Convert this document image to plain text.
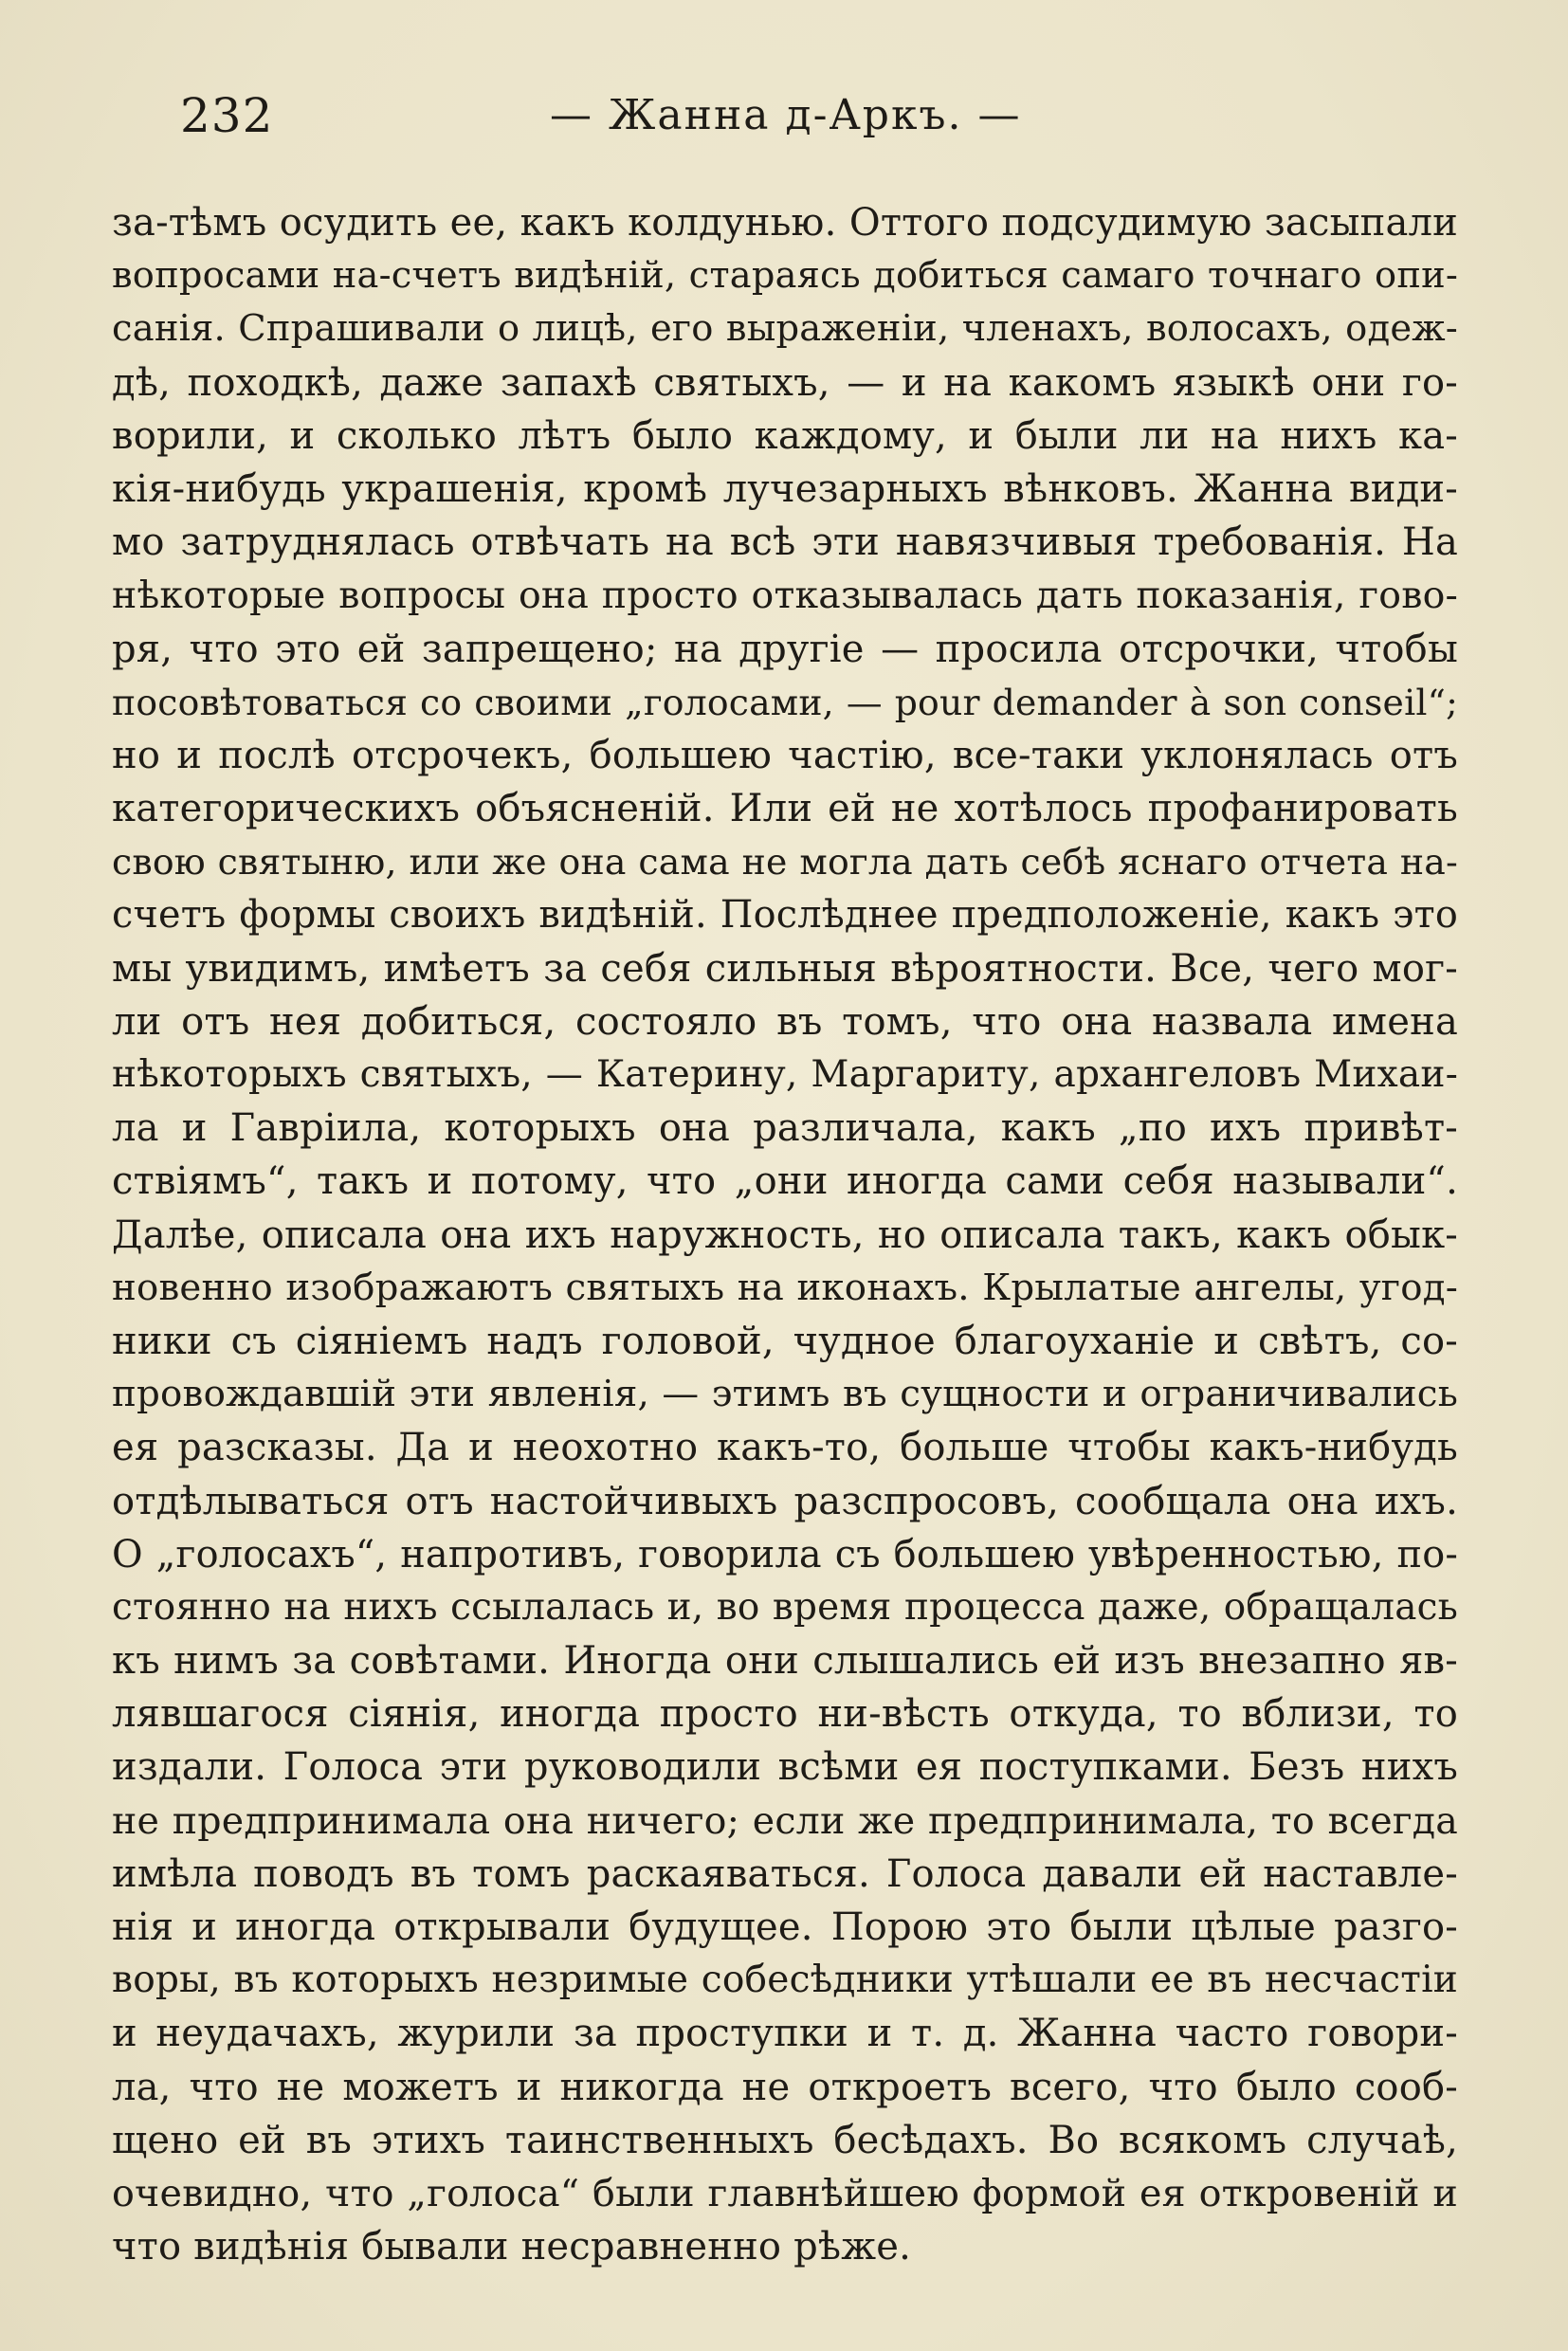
232	— Жанна д-Аркъ. —
за-тѣмъ осудить ее, какъ колдунью. Оттого подсудимую засыпали
вопросами на-счетъ видѣній, стараясь добиться самаго точнаго опи-
санія. Спрашивали о лицѣ, его выраженіи, членахъ, волосахъ, одеж-
дѣ, походкѣ, даже запахѣ святыхъ, — и на какомъ языкѣ они го-
ворили, и сколько лѣтъ было каждому, и были ли на нихъ ка-
кія-нибудь украшенія, кромѣ лучезарныхъ вѣнковъ. Жанна види-
мо затруднялась отвѣчать на всѣ эти навязчивыя требованія. На
нѣкоторые вопросы она просто отказывалась дать показанія, гово-
ря, что это ей запрещено; на другіе — просила отсрочки, чтобы
посовѣтоваться со своими „голосами, — pour demander à son conseil“;
но и послѣ отсрочекъ, большею частію, все-таки уклонялась отъ
категорическихъ объясненій. Или ей не хотѣлось профанировать
свою святыню, или же она сама не могла дать себѣ яснаго отчета на-
счетъ формы своихъ видѣній. Послѣднее предположеніе, какъ это
мы увидимъ, имѣетъ за себя сильныя вѣроятности. Все, чего мог-
ли отъ нея добиться, состояло въ томъ, что она назвала имена
нѣкоторыхъ святыхъ, — Катерину, Маргариту, архангеловъ Михаи-
ла и Гавріила, которыхъ она различала, какъ „по ихъ привѣт-
ствіямъ“, такъ и потому, что „они иногда сами себя называли“.
Далѣе, описала она ихъ наружность, но описала такъ, какъ обык-
новенно изображаютъ святыхъ на иконахъ. Крылатые ангелы, угод-
ники съ сіяніемъ надъ головой, чудное благоуханіе и свѣтъ, со-
провождавшій эти явленія, — этимъ въ сущности и ограничивались
ея разсказы. Да и неохотно какъ-то, больше чтобы какъ-нибудь
отдѣлываться отъ настойчивыхъ разспросовъ, сообщала она ихъ.
О „голосахъ“, напротивъ, говорила съ большею увѣренностью, по-
стоянно на нихъ ссылалась и, во время процесса даже, обращалась
къ нимъ за совѣтами. Иногда они слышались ей изъ внезапно яв-
лявшагося сіянія, иногда просто ни-вѣсть откуда, то вблизи, то
издали. Голоса эти руководили всѣми ея поступками. Безъ нихъ
не предпринимала она ничего; если же предпринимала, то всегда
имѣла поводъ въ томъ раскаяваться. Голоса давали ей наставле-
нія и иногда открывали будущее. Порою это были цѣлые разго-
воры, въ которыхъ незримые собесѣдники утѣшали ее въ несчастіи
и неудачахъ, журили за проступки и т. д. Жанна часто говори-
ла, что не можетъ и никогда не откроетъ всего, что было сооб-
щено ей въ этихъ таинственныхъ бесѣдахъ. Во всякомъ случаѣ,
очевидно, что „голоса“ были главнѣйшею формой ея откровеній и
что видѣнія бывали несравненно рѣже.
